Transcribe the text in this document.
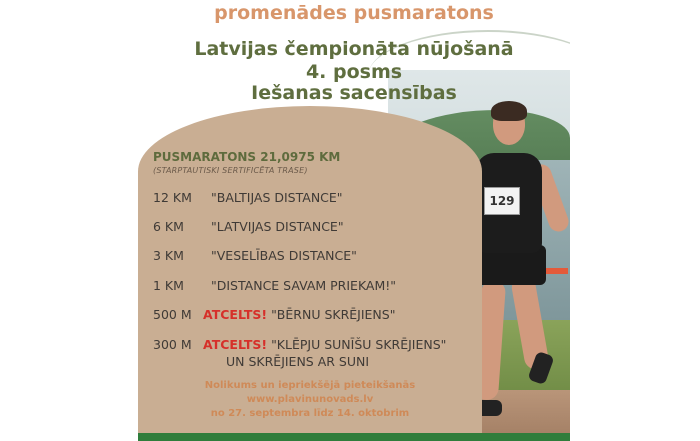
129
promenādes pusmaratons
Latvijas čempionāta nūjošanā
4. posms
Iešanas sacensības
PUSMARATONS 21,0975 KM
(STARPTAUTISKI SERTIFICĒTA TRASE)
12 KM "BALTIJAS DISTANCE"
6 KM "LATVIJAS DISTANCE"
3 KM "VESELĪBAS DISTANCE"
1 KM "DISTANCE SAVAM PRIEKAM!"
500 M ATCELTS! "BĒRNU SKRĒJIENS"
300 M ATCELTS! "KLĒPJU SUNĪŠU SKRĒJIENS"
UN SKRĒJIENS AR SUNI
Nolikums un iepriekšējā pieteikšanās
www.plavinunovads.lv
no 27. septembra līdz 14. oktobrim
